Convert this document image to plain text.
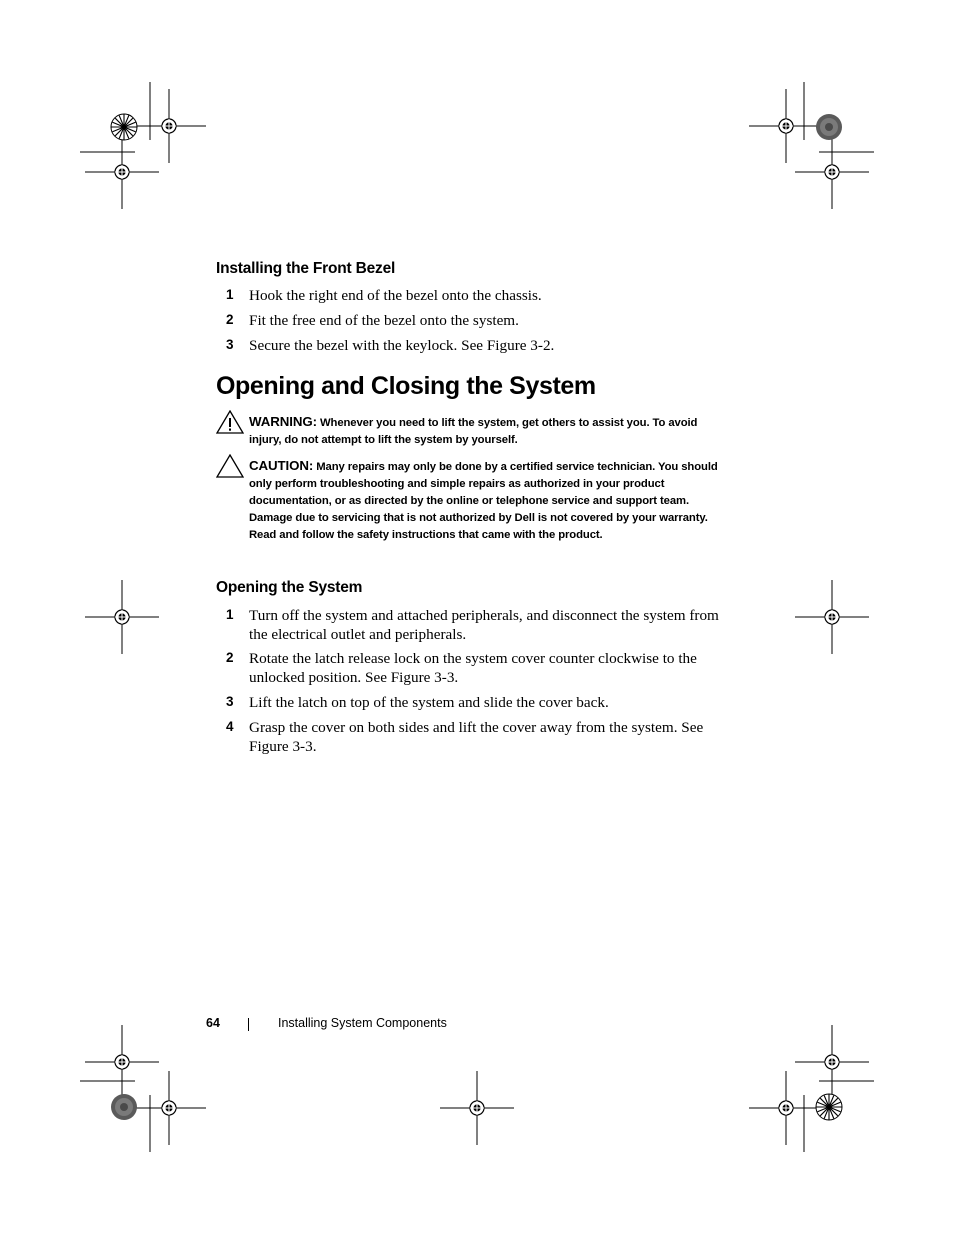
Installing the Front Bezel
1 Hook the right end of the bezel onto the chassis.
2 Fit the free end of the bezel onto the system.
3 Secure the bezel with the keylock. See Figure 3-2.
Opening and Closing the System
WARNING: Whenever you need to lift the system, get others to assist you. To avoid injury, do not attempt to lift the system by yourself.
CAUTION: Many repairs may only be done by a certified service technician. You should only perform troubleshooting and simple repairs as authorized in your product documentation, or as directed by the online or telephone service and support team. Damage due to servicing that is not authorized by Dell is not covered by your warranty. Read and follow the safety instructions that came with the product.
Opening the System
1 Turn off the system and attached peripherals, and disconnect the system from the electrical outlet and peripherals.
2 Rotate the latch release lock on the system cover counter clockwise to the unlocked position. See Figure 3-3.
3 Lift the latch on top of the system and slide the cover back.
4 Grasp the cover on both sides and lift the cover away from the system. See Figure 3-3.
64	Installing System Components
